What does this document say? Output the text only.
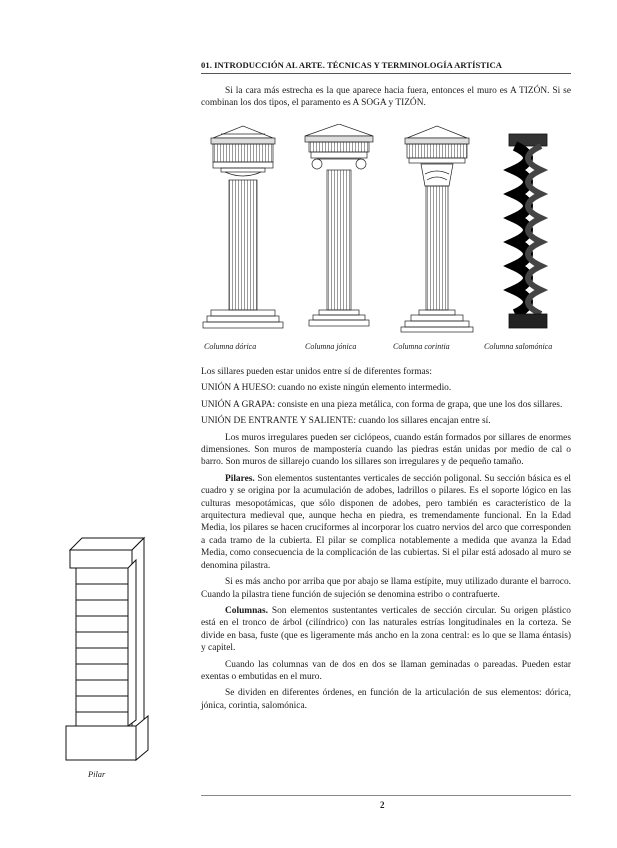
01. INTRODUCCIÓN AL ARTE. TÉCNICAS Y TERMINOLOGÍA ARTÍSTICA

Si la cara más estrecha es la que aparece hacia fuera, entonces el muro es A TIZÓN. Si se combinan los dos tipos, el paramento es A SOGA y TIZÓN.

Columna dórica	Columna jónica	Columna corintia	Columna salomónica

Los sillares pueden estar unidos entre sí de diferentes formas:

UNIÓN A HUESO: cuando no existe ningún elemento intermedio.

UNIÓN A GRAPA: consiste en una pieza metálica, con forma de grapa, que une los dos sillares.

UNIÓN DE ENTRANTE Y SALIENTE: cuando los sillares encajan entre sí.

Los muros irregulares pueden ser ciclópeos, cuando están formados por sillares de enormes dimensiones. Son muros de mampostería cuando las piedras están unidas por medio de cal o barro. Son muros de sillarejo cuando los sillares son irregulares y de pequeño tamaño.

Pilares. Son elementos sustentantes verticales de sección poligonal. Su sección básica es el cuadro y se origina por la acumulación de adobes, ladrillos o pilares. Es el soporte lógico en las culturas mesopotámicas, que sólo disponen de adobes, pero también es característico de la arquitectura medieval que, aunque hecha en piedra, es tremendamente funcional. En la Edad Media, los pilares se hacen cruciformes al incorporar los cuatro nervios del arco que corresponden a cada tramo de la cubierta. El pilar se complica notablemente a medida que avanza la Edad Media, como consecuencia de la complicación de las cubiertas. Si el pilar está adosado al muro se denomina pilastra.

Si es más ancho por arriba que por abajo se llama estípite, muy utilizado durante el barroco. Cuando la pilastra tiene función de sujeción se denomina estribo o contrafuerte.

Columnas. Son elementos sustentantes verticales de sección circular. Su origen plástico está en el tronco de árbol (cilíndrico) con las naturales estrías longitudinales en la corteza. Se divide en basa, fuste (que es ligeramente más ancho en la zona central: es lo que se llama éntasis) y capitel.

Cuando las columnas van de dos en dos se llaman geminadas o pareadas. Pueden estar exentas o embutidas en el muro.

Se dividen en diferentes órdenes, en función de la articulación de sus elementos: dórica, jónica, corintia, salomónica.

Pilar
2
